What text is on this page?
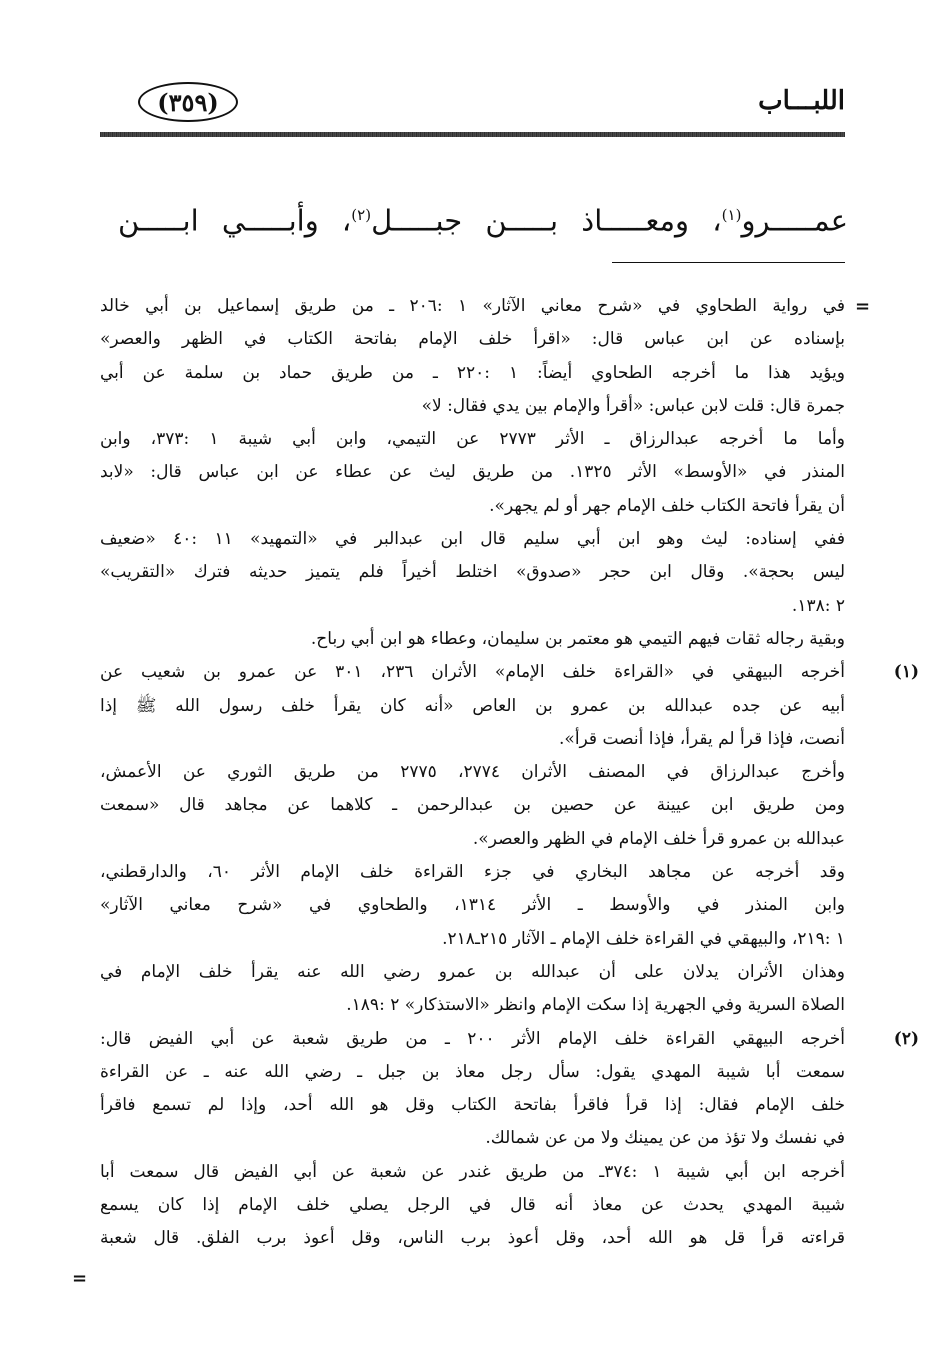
اللبـــاب
(٣٥٩)
عمـــــرو$^{(١)}$، ومعـــــاذ بـــــن جبـــــل$^{(٢)}$، وأبـــــي ابـــــن
=
=
في رواية الطحاوي في «شرح معاني الآثار» ١ :٢٠٦ ـ من طريق إسماعيل بن أبي خالد
بإسناده عن ابن عباس قال: «اقرأ خلف الإمام بفاتحة الكتاب في الظهر والعصر»
ويؤيد هذا ما أخرجه الطحاوي أيضاً: ١ :٢٢٠ ـ من طريق حماد بن سلمة عن أبي
جمرة قال: قلت لابن عباس: «أقرأ والإمام بين يدي فقال: لا»
وأما ما أخرجه عبدالرزاق ـ الأثر ٢٧٧٣ عن التيمي، وابن أبي شيبة ١ :٣٧٣، وابن
المنذر في «الأوسط» الأثر ١٣٢٥. من طريق ليث عن عطاء عن ابن عباس قال: «لابد
أن يقرأ فاتحة الكتاب خلف الإمام جهر أو لم يجهر».
ففي إسناده: ليث وهو ابن أبي سليم قال ابن عبدالبر في «التمهيد» ١١ :٤٠ «ضعيف
ليس بحجة». وقال ابن حجر «صدوق» اختلط أخيراً فلم يتميز حديثه فترك «التقريب»
٢ :١٣٨.
وبقية رجاله ثقات فيهم التيمي هو معتمر بن سليمان، وعطاء هو ابن أبي رباح.
(١)
أخرجه البيهقي في «القراءة خلف الإمام» الأثران ٢٣٦، ٣٠١ عن عمرو بن شعيب عن
أبيه عن جده عبدالله بن عمرو بن العاص «أنه كان يقرأ خلف رسول الله ﷺ إذا
أنصت، فإذا قرأ لم يقرأ، فإذا أنصت قرأ».
وأخرج عبدالرزاق في المصنف الأثران ٢٧٧٤، ٢٧٧٥ من طريق الثوري عن الأعمش،
ومن طريق ابن عيينة عن حصين بن عبدالرحمن ـ كلاهما عن مجاهد قال «سمعت
عبدالله بن عمرو قرأ خلف الإمام في الظهر والعصر».
وقد أخرجه عن مجاهد البخاري في جزء القراءة خلف الإمام الأثر ٦٠، والدارقطني،
وابن المنذر في والأوسط ـ الأثر ١٣١٤، والطحاوي في «شرح معاني الآثار»
١ :٢١٩، والبيهقي في القراءة خلف الإمام ـ الآثار ٢١٥ـ٢١٨.
وهذان الأثران يدلان على أن عبدالله بن عمرو رضي الله عنه يقرأ خلف الإمام في
الصلاة السرية وفي الجهرية إذا سكت الإمام وانظر «الاستذكار» ٢ :١٨٩.
(٢)
أخرجه البيهقي القراءة خلف الإمام الأثر ٢٠٠ ـ من طريق شعبة عن أبي الفيض قال:
سمعت أبا شيبة المهدي يقول: سأل رجل معاذ بن جبل ـ رضي الله عنه ـ عن القراءة
خلف الإمام فقال: إذا قرأ فاقرأ بفاتحة الكتاب وقل هو الله أحد، وإذا لم تسمع فاقرأ
في نفسك ولا تؤذ من عن يمينك ولا من عن شمالك.
أخرجه ابن أبي شيبة ١ :٣٧٤ـ من طريق غندر عن شعبة عن أبي الفيض قال سمعت أبا
شيبة المهدي يحدث عن معاذ أنه قال في الرجل يصلي خلف الإمام إذا كان يسمع
قراءته قرأ قل هو الله أحد، وقل أعوذ برب الناس، وقل أعوذ برب الفلق. قال شعبة
